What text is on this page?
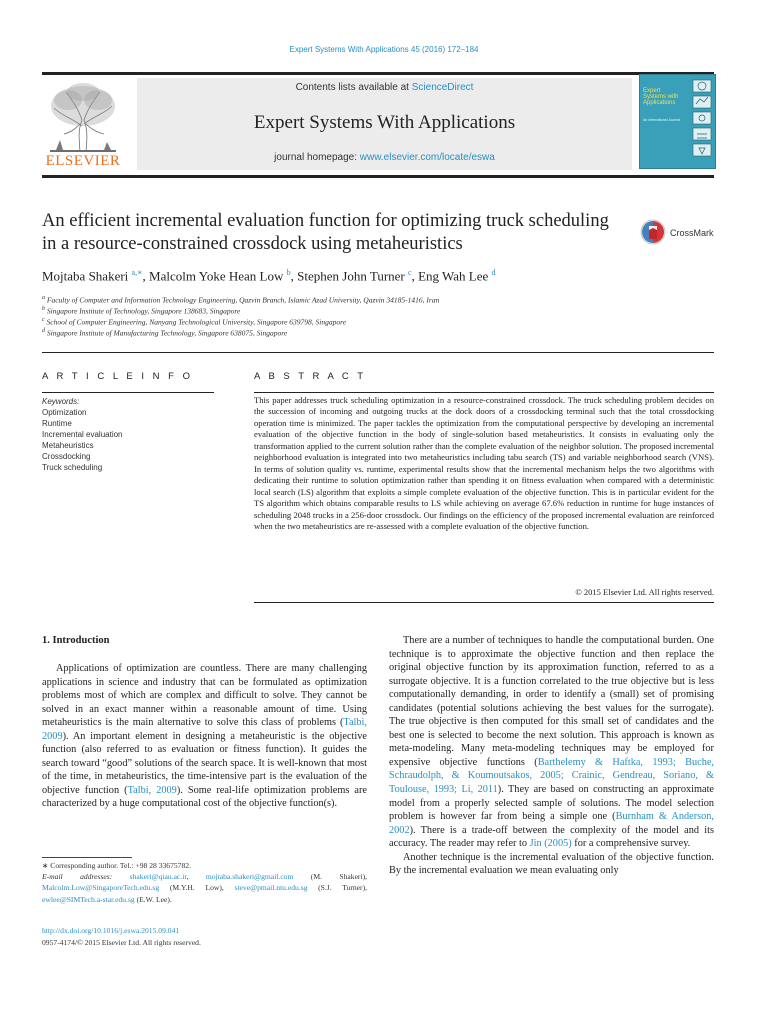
Expert Systems With Applications 45 (2016) 172–184
ELSEVIER
Contents lists available at ScienceDirect
Expert Systems With Applications
journal homepage: www.elsevier.com/locate/eswa
Expert Systems with Applications
An International Journal
An efficient incremental evaluation function for optimizing truck scheduling in a resource-constrained crossdock using metaheuristics
CrossMark
Mojtaba Shakeri $^{a,∗}$, Malcolm Yoke Hean Low $^b$, Stephen John Turner $^c$, Eng Wah Lee $^d$
$^a$ Faculty of Computer and Information Technology Engineering, Qazvin Branch, Islamic Azad University, Qazvin 34185-1416, Iran
$^b$ Singapore Institute of Technology, Singapore 138683, Singapore
$^c$ School of Computer Engineering, Nanyang Technological University, Singapore 639798, Singapore
$^d$ Singapore Institute of Manufacturing Technology, Singapore 638075, Singapore
A R T I C L E I N F O
Keywords:
Optimization
Runtime
Incremental evaluation
Metaheuristics
Crossdocking
Truck scheduling
A B S T R A C T
This paper addresses truck scheduling optimization in a resource-constrained crossdock. The truck scheduling problem decides on the succession of incoming and outgoing trucks at the dock doors of a crossdocking terminal such that the total crossdocking operation time is minimized. The paper tackles the optimization from the computational perspective by developing an incremental evaluation of the objective function in the body of single-solution based metaheuristics. It consists in evaluating only the transformation applied to the current solution rather than the complete evaluation of the neighbor solution. The proposed incremental neighborhood evaluation is integrated into two metaheuristics including tabu search (TS) and variable neighborhood search (VNS). In terms of solution quality vs. runtime, experimental results show that the incremental mechanism helps the two algorithms with dedicating their runtime to solution optimization rather than spending it on fitness evaluation when compared with a deterministic local search (LS) algorithm that exploits a simple complete evaluation of the objective function. This is in particular evident for the TS algorithm which obtains comparable results to LS while achieving on average 67.6% reduction in runtime for huge instances of scheduling 2048 trucks in a 256-door crossdock. Our findings on the efficiency of the proposed incremental evaluation are reinforced when the two metaheuristics are re-assessed with a complete evaluation of the objective function.
© 2015 Elsevier Ltd. All rights reserved.
1. Introduction

Applications of optimization are countless. There are many challenging applications in science and industry that can be formulated as optimization problems most of which are complex and difficult to solve. They cannot be solved in an exact manner within a reasonable amount of time. Using metaheuristics is the main alternative to solve this class of problems (Talbi, 2009). An important element in designing a metaheuristic is the objective function (also referred to as evaluation or fitness function). It guides the search toward “good” solutions of the search space. It is well-known that most of the time, in metaheuristics, the time-intensive part is the evaluation of the objective function (Talbi, 2009). Some real-life optimization problems are characterized by a huge computational cost of the objective function(s).

There are a number of techniques to handle the computational burden. One technique is to approximate the objective function and then replace the original objective function by its approximation function, referred to as a surrogate objective. It is a function correlated to the true objective but is less computationally demanding, in order to identify a (small) set of promising candidates (potential solutions achieving the best values for the surrogate). The true objective is then computed for this small set of candidates and the best one is selected to become the next solution. This approach is known as meta-modeling. Many meta-modeling techniques may be employed for expensive objective functions (Barthelemy & Haftka, 1993; Buche, Schraudolph, & Koumoutsakos, 2005; Crainic, Gendreau, Soriano, & Toulouse, 1993; Li, 2011). They are based on constructing an approximate model from a properly selected sample of solutions. The model selection problem is however far from being a simple one (Burnham & Anderson, 2002). There is a trade-off between the complexity of the model and its accuracy. The reader may refer to Jin (2005) for a comprehensive survey.

Another technique is the incremental evaluation of the objective function. By the incremental evaluation we mean evaluating only

∗ Corresponding author. Tel.: +98 28 33675782.
E-mail addresses: shakeri@qiau.ac.ir, mojtaba.shakeri@gmail.com (M. Shakeri), Malcolm.Low@SingaporeTech.edu.sg (M.Y.H. Low), steve@pmail.ntu.edu.sg (S.J. Turner), ewlee@SIMTech.a-star.edu.sg (E.W. Lee).
http://dx.doi.org/10.1016/j.eswa.2015.09.041
0957-4174/© 2015 Elsevier Ltd. All rights reserved.
